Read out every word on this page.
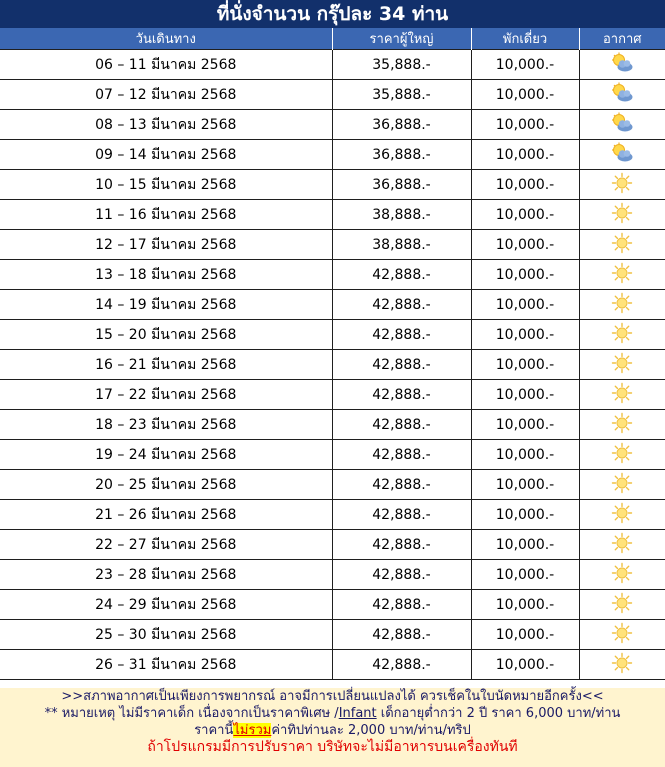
ที่นั่งจำนวน กรุ๊ปละ 34 ท่าน
วันเดินทาง	ราคาผู้ใหญ่	พักเดี่ยว	อากาศ
06 – 11 มีนาคม 2568	35,888.-	10,000.-	
07 – 12 มีนาคม 2568	35,888.-	10,000.-	
08 – 13 มีนาคม 2568	36,888.-	10,000.-	
09 – 14 มีนาคม 2568	36,888.-	10,000.-	
10 – 15 มีนาคม 2568	36,888.-	10,000.-	
11 – 16 มีนาคม 2568	38,888.-	10,000.-	
12 – 17 มีนาคม 2568	38,888.-	10,000.-	
13 – 18 มีนาคม 2568	42,888.-	10,000.-	
14 – 19 มีนาคม 2568	42,888.-	10,000.-	
15 – 20 มีนาคม 2568	42,888.-	10,000.-	
16 – 21 มีนาคม 2568	42,888.-	10,000.-	
17 – 22 มีนาคม 2568	42,888.-	10,000.-	
18 – 23 มีนาคม 2568	42,888.-	10,000.-	
19 – 24 มีนาคม 2568	42,888.-	10,000.-	
20 – 25 มีนาคม 2568	42,888.-	10,000.-	
21 – 26 มีนาคม 2568	42,888.-	10,000.-	
22 – 27 มีนาคม 2568	42,888.-	10,000.-	
23 – 28 มีนาคม 2568	42,888.-	10,000.-	
24 – 29 มีนาคม 2568	42,888.-	10,000.-	
25 – 30 มีนาคม 2568	42,888.-	10,000.-	
26 – 31 มีนาคม 2568	42,888.-	10,000.-	
>>สภาพอากาศเป็นเพียงการพยากรณ์ อาจมีการเปลี่ยนแปลงได้ ควรเช็คในใบนัดหมายอีกครั้ง<<
** หมายเหตุ ไม่มีราคาเด็ก เนื่องจากเป็นราคาพิเศษ /Infant เด็กอายุต่ำกว่า 2 ปี ราคา 6,000 บาท/ท่าน
ราคานี้ไม่รวมค่าทิปท่านละ 2,000 บาท/ท่าน/ทริป
ถ้าโปรแกรมมีการปรับราคา บริษัทจะไม่มีอาหารบนเครื่องทันที
